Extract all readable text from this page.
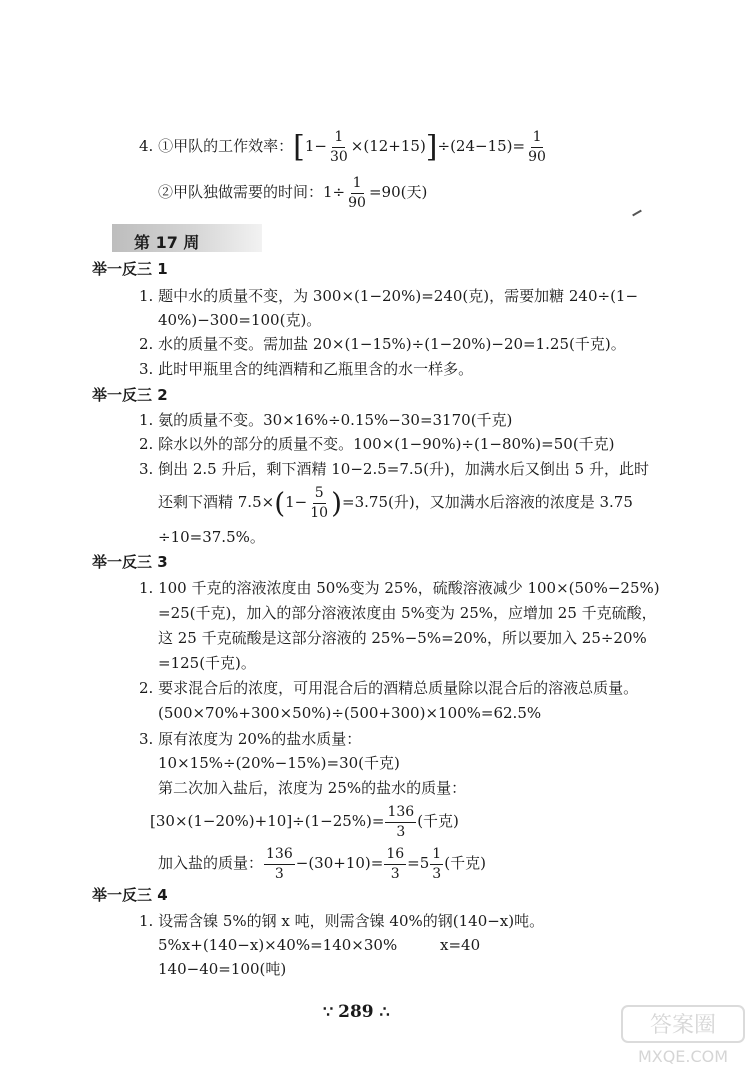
4. ①甲队的工作效率：$[1- \frac{1}{30} \times(12+15)]\div(24-15)= \frac{1}{90}$
②甲队独做需要的时间：$1\div \frac{1}{90} =90$(天)
第 17 周
举一反三 1
1. 题中水的质量不变，为 300×(1−20%)=240(克)，需要加糖 240÷(1−
40%)−300=100(克)。
2. 水的质量不变。需加盐 20×(1−15%)÷(1−20%)−20=1.25(千克)。
3. 此时甲瓶里含的纯酒精和乙瓶里含的水一样多。
举一反三 2
1. 氨的质量不变。30×16%÷0.15%−30=3170(千克)
2. 除水以外的部分的质量不变。100×(1−90%)÷(1−80%)=50(千克)
3. 倒出 2.5 升后，剩下酒精 10−2.5=7.5(升)，加满水后又倒出 5 升，此时
还剩下酒精 $7.5\times(1- \frac{5}{10} )=3.75$(升)，又加满水后溶液的浓度是 3.75
÷10=37.5%。
举一反三 3
1. 100 千克的溶液浓度由 50%变为 25%，硫酸溶液减少 100×(50%−25%)
=25(千克)，加入的部分溶液浓度由 5%变为 25%，应增加 25 千克硫酸，
这 25 千克硫酸是这部分溶液的 25%−5%=20%，所以要加入 25÷20%
=125(千克)。
2. 要求混合后的浓度，可用混合后的酒精总质量除以混合后的溶液总质量。
(500×70%+300×50%)÷(500+300)×100%=62.5%
3. 原有浓度为 20%的盐水质量：
10×15%÷(20%−15%)=30(千克)
第二次加入盐后，浓度为 25%的盐水的质量：
$[30\times(1-20\%)+10]\div(1-25\%)= \frac{136}{3}$ (千克)
加入盐的质量： $\frac{136}{3} -(30+10)= \frac{16}{3} =5 \frac{1}{3}$ (千克)
举一反三 4
1. 设需含镍 5%的钢 x 吨，则需含镍 40%的钢(140−x)吨。
5%x+(140−x)×40%=140×30%	x=40
140−40=100(吨)
∵ 289 ∴
答案圈
MXQE.COM
